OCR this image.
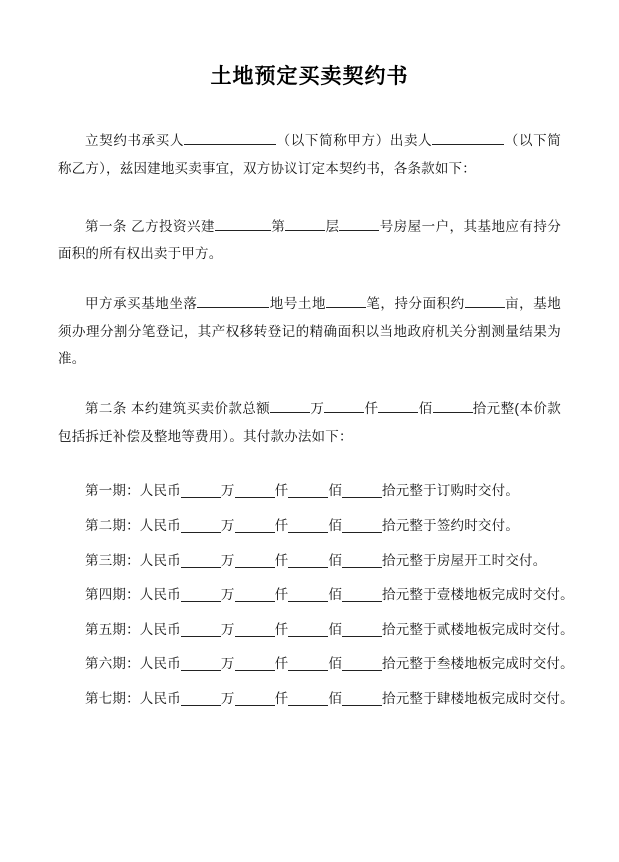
土地预定买卖契约书

立契约书承买人	（以下简称甲方）出卖人	（以下简称乙方），兹因建地买卖事宜，双方协议订定本契约书，各条款如下：

第一条 乙方投资兴建	第	层	号房屋一户，其基地应有持分面积的所有权出卖于甲方。

甲方承买基地坐落	地号土地	笔，持分面积约	亩，基地须办理分割分笔登记，其产权移转登记的精确面积以当地政府机关分割测量结果为准。

第二条 本约建筑买卖价款总额	万	仟	佰	拾元整(本价款包括拆迁补偿及整地等费用）。其付款办法如下：

第一期：人民币	万	仟	佰	拾元整于订购时交付。

第二期：人民币	万	仟	佰	拾元整于签约时交付。

第三期：人民币	万	仟	佰	拾元整于房屋开工时交付。

第四期：人民币	万	仟	佰	拾元整于壹楼地板完成时交付。

第五期：人民币	万	仟	佰	拾元整于贰楼地板完成时交付。

第六期：人民币	万	仟	佰	拾元整于叁楼地板完成时交付。

第七期：人民币	万	仟	佰	拾元整于肆楼地板完成时交付。
